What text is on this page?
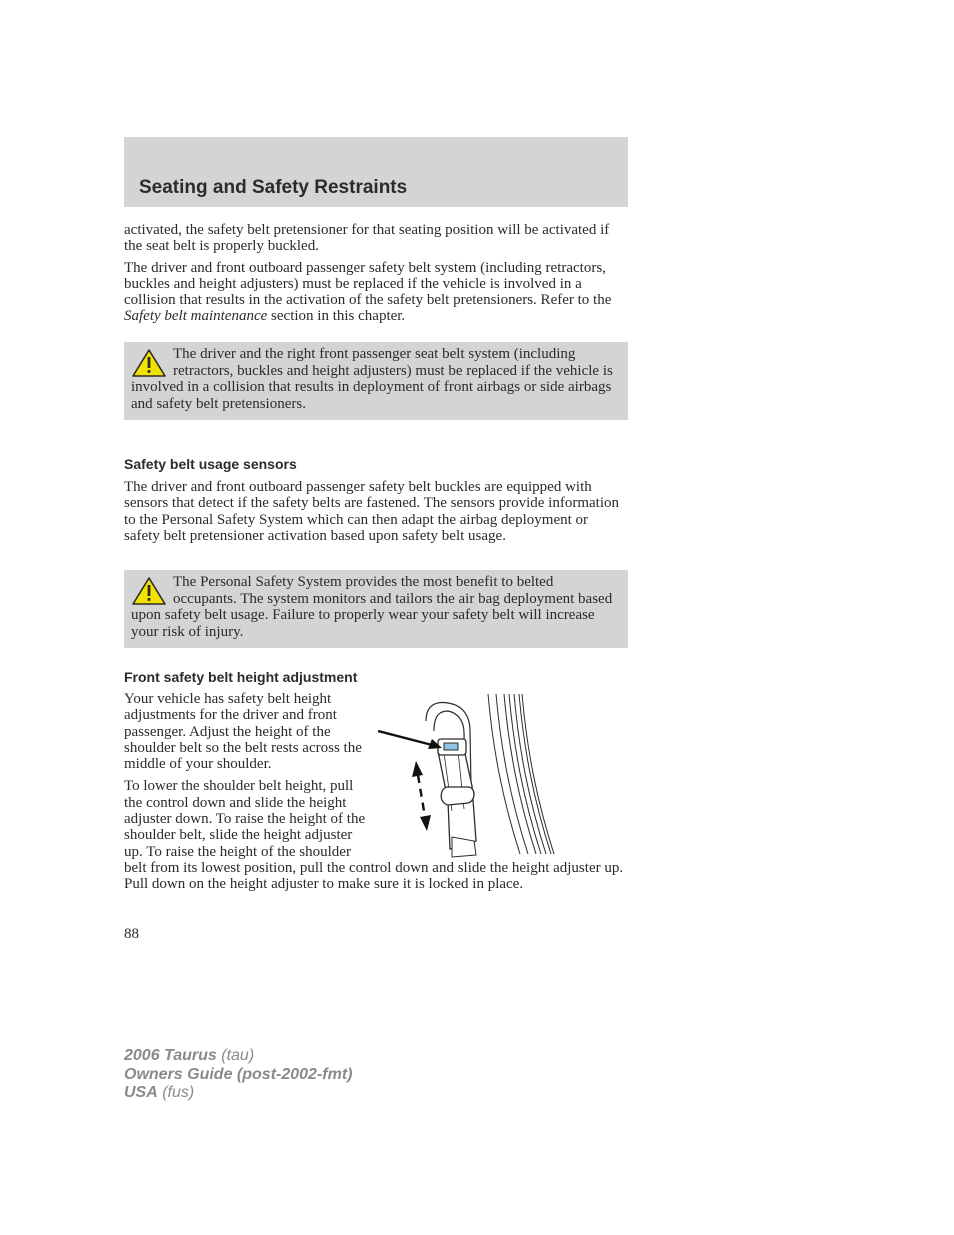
Seating and Safety Restraints

activated, the safety belt pretensioner for that seating position will be activated if the seat belt is properly buckled.

The driver and front outboard passenger safety belt system (including retractors, buckles and height adjusters) must be replaced if the vehicle is involved in a collision that results in the activation of the safety belt pretensioners. Refer to the Safety belt maintenance section in this chapter.

The driver and the right front passenger seat belt system (including retractors, buckles and height adjusters) must be replaced if the vehicle is involved in a collision that results in deployment of front airbags or side airbags and safety belt pretensioners.
Safety belt usage sensors

The driver and front outboard passenger safety belt buckles are equipped with sensors that detect if the safety belts are fastened. The sensors provide information to the Personal Safety System which can then adapt the airbag deployment or safety belt pretensioner activation based upon safety belt usage.

The Personal Safety System provides the most benefit to belted occupants. The system monitors and tailors the air bag deployment based upon safety belt usage. Failure to properly wear your safety belt will increase your risk of injury.
Front safety belt height adjustment

Your vehicle has safety belt height adjustments for the driver and front passenger. Adjust the height of the shoulder belt so the belt rests across the middle of your shoulder.

To lower the shoulder belt height, pull the control down and slide the height adjuster down. To raise the height of the shoulder belt, slide the height adjuster up. To raise the height of the shoulder belt from its lowest position, pull the control down and slide the height adjuster up. Pull down on the height adjuster to make sure it is locked in place.

88
2006 Taurus (tau)
Owners Guide (post-2002-fmt)
USA (fus)
